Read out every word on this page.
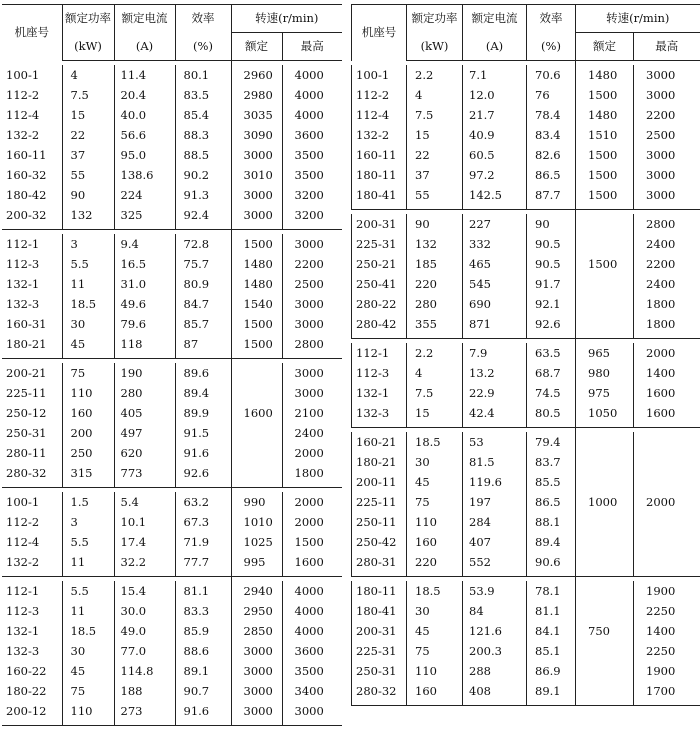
机座号	额定功率	额定电流	效率	转速(r/min)	
	(kW)	(A)	(%)	额定	最高

100-1	4	11.4	80.1	2960	4000
112-2	7.5	20.4	83.5	2980	4000
112-4	15	40.0	85.4	3035	4000
132-2	22	56.6	88.3	3090	3600
160-11	37	95.0	88.5	3000	3500
160-32	55	138.6	90.2	3010	3500
180-42	90	224	91.3	3000	3200
200-32	132	325	92.4	3000	3200

112-1	3	9.4	72.8	1500	3000
112-3	5.5	16.5	75.7	1480	2200
132-1	11	31.0	80.9	1480	2500
132-3	18.5	49.6	84.7	1540	3000
160-31	30	79.6	85.7	1500	3000
180-21	45	118	87	1500	2800

200-21	75	190	89.6		3000
225-11	110	280	89.4		3000
250-12	160	405	89.9	1600	2100
250-31	200	497	91.5		2400
280-11	250	620	91.6		2000
280-32	315	773	92.6		1800

100-1	1.5	5.4	63.2	990	2000
112-2	3	10.1	67.3	1010	2000
112-4	5.5	17.4	71.9	1025	1500
132-2	11	32.2	77.7	995	1600

112-1	5.5	15.4	81.1	2940	4000
112-3	11	30.0	83.3	2950	4000
132-1	18.5	49.0	85.9	2850	4000
132-3	30	77.0	88.6	3000	3600
160-22	45	114.8	89.1	3000	3500
180-22	75	188	90.7	3000	3400
200-12	110	273	91.6	3000	3000

机座号	额定功率	额定电流	效率	转速(r/min)	
	(kW)	(A)	(%)	额定	最高

100-1	2.2	7.1	70.6	1480	3000
112-2	4	12.0	76	1500	3000
112-4	7.5	21.7	78.4	1480	2200
132-2	15	40.9	83.4	1510	2500
160-11	22	60.5	82.6	1500	3000
180-11	37	97.2	86.5	1500	3000
180-41	55	142.5	87.7	1500	3000

200-31	90	227	90		2800
225-31	132	332	90.5		2400
250-21	185	465	90.5	1500	2200
250-41	220	545	91.7		2400
280-22	280	690	92.1		1800
280-42	355	871	92.6		1800

112-1	2.2	7.9	63.5	965	2000
112-3	4	13.2	68.7	980	1400
132-1	7.5	22.9	74.5	975	1600
132-3	15	42.4	80.5	1050	1600

160-21	18.5	53	79.4		
180-21	30	81.5	83.7		
200-11	45	119.6	85.5		
225-11	75	197	86.5	1000	2000
250-11	110	284	88.1		
250-42	160	407	89.4		
280-31	220	552	90.6		

180-11	18.5	53.9	78.1		1900
180-41	30	84	81.1		2250
200-31	45	121.6	84.1	750	1400
225-31	75	200.3	85.1		2250
250-31	110	288	86.9		1900
280-32	160	408	89.1		1700
